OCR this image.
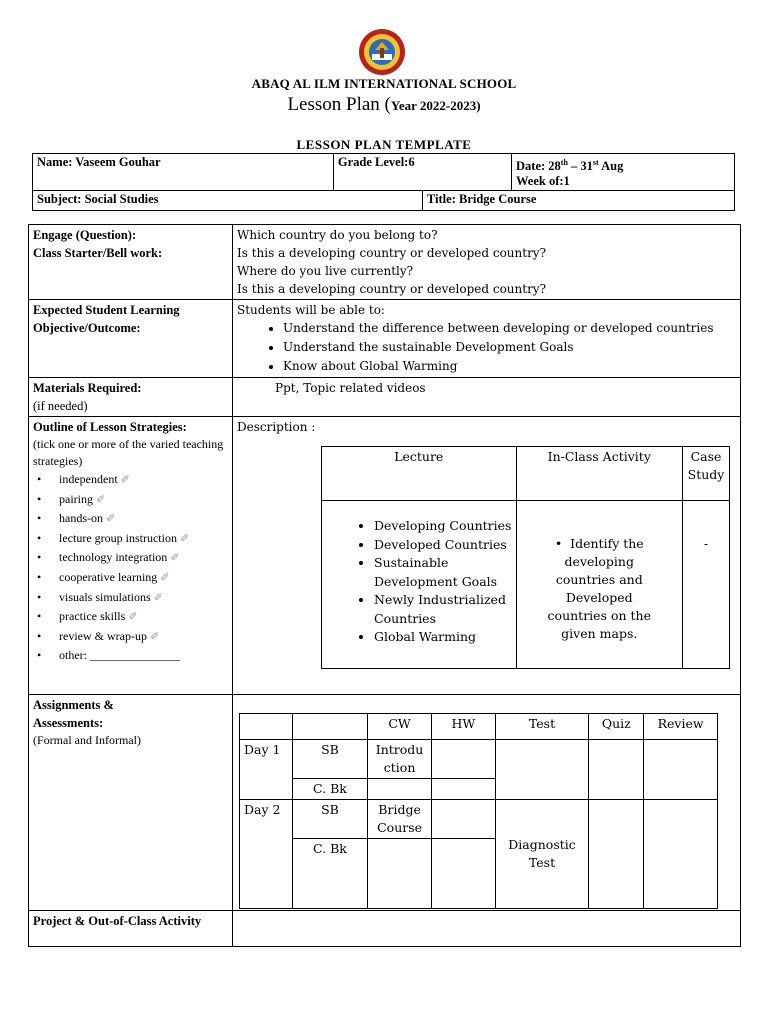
ABAQ AL ILM INTERNATIONAL SCHOOL
Lesson Plan (Year 2022-2023)
LESSON PLAN TEMPLATE
Name: Vaseem Gouhar	Grade Level:6		Date: 28th – 31st Aug
Week of:1
Subject: Social Studies		Title: Bridge Course	
Engage (Question):
Class Starter/Bell work:

Which country do you belong to?
Is this a developing country or developed country?
Where do you live currently?
Is this a developing country or developed country?

Expected Student Learning Objective/Outcome:	
Students will be able to:
• Understand the difference between developing or developed countries
• Understand the sustainable Development Goals
• Know about Global Warming

Materials Required:
(if needed)
	Ppt, Topic related videos

Outline of Lesson Strategies:
(tick one or more of the varied teaching strategies)
• independent ✐
• pairing ✐
• hands-on ✐
• lecture group instruction ✐
• technology integration ✐
• cooperative learning ✐
• visuals simulations ✐
• practice skills ✐
• review & wrap-up ✐
• other: _______________

Description :
Lecture	In-Class Activity	Case Study

• Developing Countries
• Developed Countries
• Sustainable Development Goals
• Newly Industrialized Countries
• Global Warming
	•  Identify the developing countries and Developed countries on the given maps.	-

Assignments &
Assessments:
(Formal and Informal)

		CW	HW	Test	Quiz	Review
Day 1	SB	Introdu ction				
C. Bk		
Day 2	SB	Bridge Course		Diagnostic Test		
C. Bk		

Project & Out-of-Class Activity	
